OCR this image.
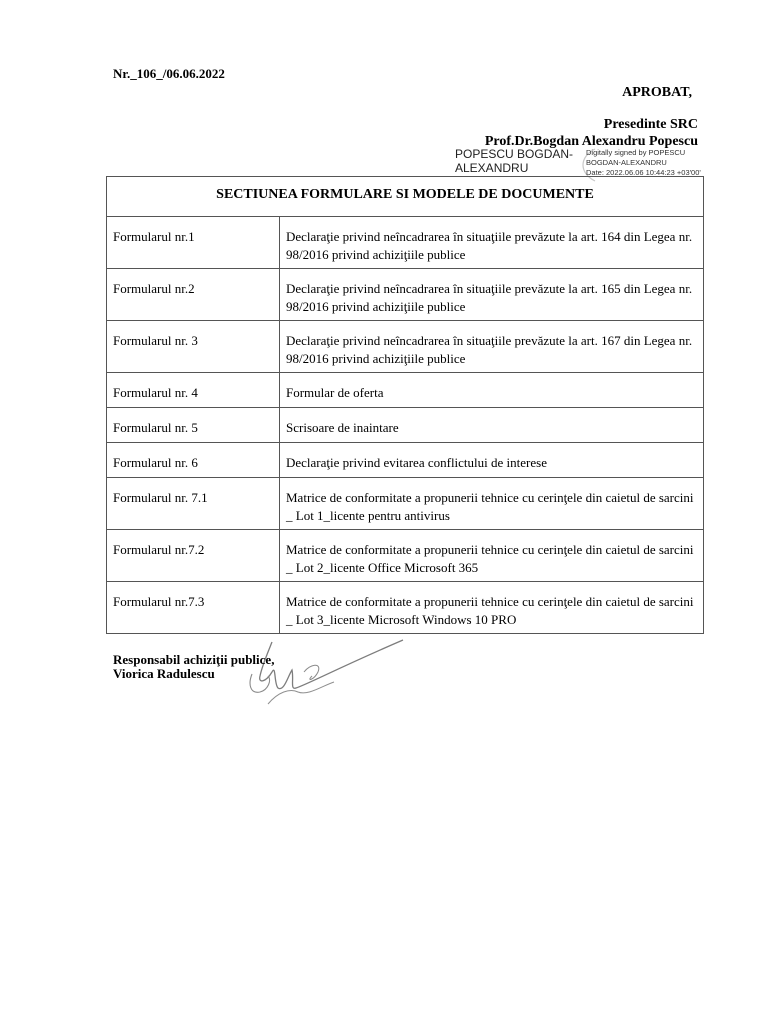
Nr._106_/06.06.2022
APROBAT,
Presedinte SRC
Prof.Dr.Bogdan Alexandru Popescu
POPESCU BOGDAN-ALEXANDRU
Digitally signed by POPESCU
BOGDAN-ALEXANDRU
Date: 2022.06.06 10:44:23 +03'00'
SECTIUNEA FORMULARE SI MODELE DE DOCUMENTE	
Formularul nr.1	Declaraţie privind neîncadrarea în situaţiile prevăzute la art. 164 din Legea nr. 98/2016 privind achiziţiile publice
Formularul nr.2	Declaraţie privind neîncadrarea în situaţiile prevăzute la art. 165 din Legea nr. 98/2016 privind achiziţiile publice
Formularul nr. 3	Declaraţie privind neîncadrarea în situaţiile prevăzute la art. 167 din Legea nr. 98/2016 privind achiziţiile publice
Formularul nr. 4	Formular de oferta
Formularul nr. 5	Scrisoare de inaintare
Formularul nr. 6	Declaraţie privind evitarea conflictului de interese
Formularul nr. 7.1	Matrice de conformitate a propunerii tehnice cu cerinţele din caietul de sarcini _ Lot 1_licente pentru antivirus
Formularul nr.7.2	Matrice de conformitate a propunerii tehnice cu cerinţele din caietul de sarcini _ Lot 2_licente Office Microsoft 365
Formularul nr.7.3	Matrice de conformitate a propunerii tehnice cu cerinţele din caietul de sarcini _ Lot 3_licente Microsoft Windows 10 PRO
Responsabil achiziţii publice,
Viorica Radulescu
